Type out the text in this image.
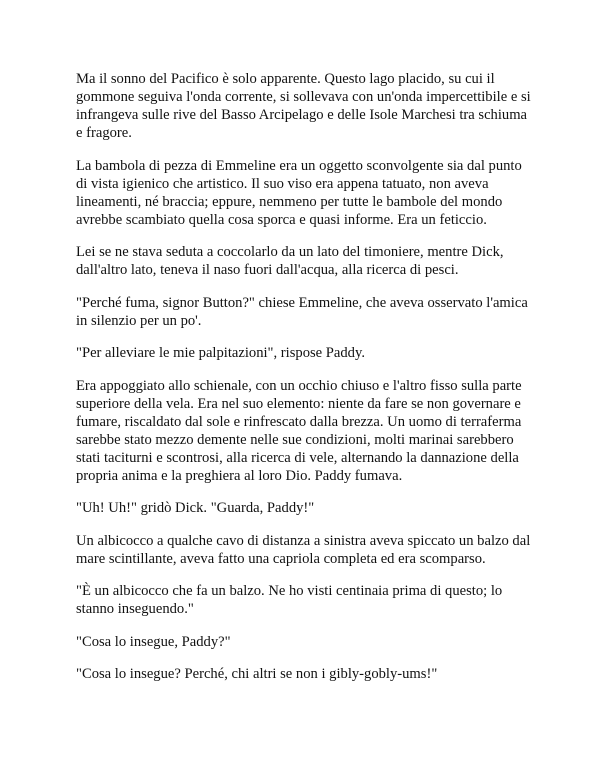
Ma il sonno del Pacifico è solo apparente. Questo lago placido, su cui il gommone seguiva l'onda corrente, si sollevava con un'onda impercettibile e si infrangeva sulle rive del Basso Arcipelago e delle Isole Marchesi tra schiuma e fragore.

La bambola di pezza di Emmeline era un oggetto sconvolgente sia dal punto di vista igienico che artistico. Il suo viso era appena tatuato, non aveva lineamenti, né braccia; eppure, nemmeno per tutte le bambole del mondo avrebbe scambiato quella cosa sporca e quasi informe. Era un feticcio.

Lei se ne stava seduta a coccolarlo da un lato del timoniere, mentre Dick, dall'altro lato, teneva il naso fuori dall'acqua, alla ricerca di pesci.

"Perché fuma, signor Button?" chiese Emmeline, che aveva osservato l'amica in silenzio per un po'.

"Per alleviare le mie palpitazioni", rispose Paddy.

Era appoggiato allo schienale, con un occhio chiuso e l'altro fisso sulla parte superiore della vela. Era nel suo elemento: niente da fare se non governare e fumare, riscaldato dal sole e rinfrescato dalla brezza. Un uomo di terraferma sarebbe stato mezzo demente nelle sue condizioni, molti marinai sarebbero stati taciturni e scontrosi, alla ricerca di vele, alternando la dannazione della propria anima e la preghiera al loro Dio. Paddy fumava.

"Uh! Uh!" gridò Dick. "Guarda, Paddy!"

Un albicocco a qualche cavo di distanza a sinistra aveva spiccato un balzo dal mare scintillante, aveva fatto una capriola completa ed era scomparso.

"È un albicocco che fa un balzo. Ne ho visti centinaia prima di questo; lo stanno inseguendo."

"Cosa lo insegue, Paddy?"

"Cosa lo insegue? Perché, chi altri se non i gibly-gobly-ums!"
